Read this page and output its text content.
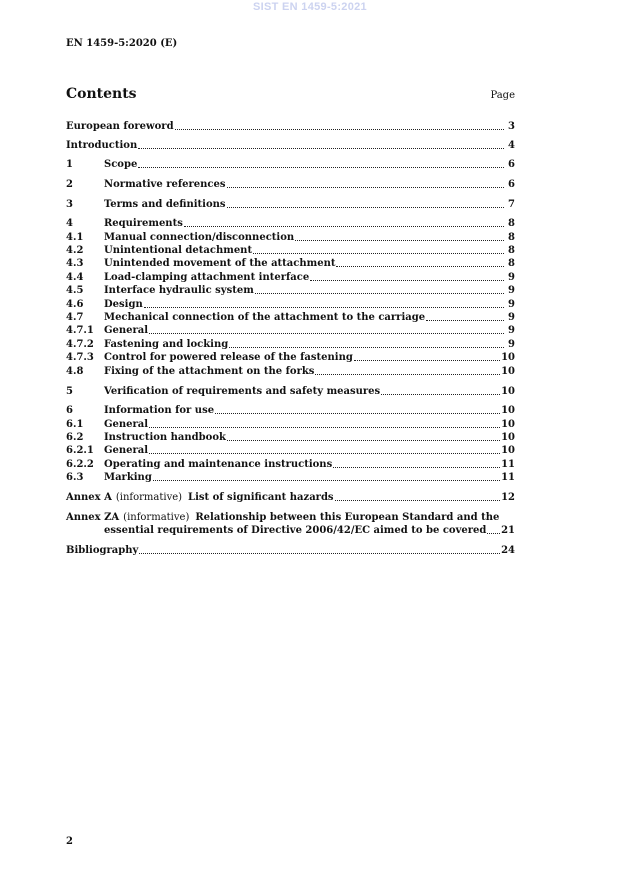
SIST EN 1459-5:2021
EN 1459-5:2020 (E)
Contents	Page
European foreword	3
Introduction	4
1	Scope	6
2	Normative references	6
3	Terms and definitions	7
4	Requirements	8
4.1	Manual connection/disconnection	8
4.2	Unintentional detachment	8
4.3	Unintended movement of the attachment	8
4.4	Load-clamping attachment interface	9
4.5	Interface hydraulic system	9
4.6	Design	9
4.7	Mechanical connection of the attachment to the carriage	9
4.7.1	General	9
4.7.2	Fastening and locking	9
4.7.3	Control for powered release of the fastening	10
4.8	Fixing of the attachment on the forks	10
5	Verification of requirements and safety measures	10
6	Information for use	10
6.1	General	10
6.2	Instruction handbook	10
6.2.1	General	10
6.2.2	Operating and maintenance instructions	11
6.3	Marking	11
Annex A (informative) List of significant hazards	12
Annex ZA (informative) Relationship between this European Standard and the
essential requirements of Directive 2006/42/EC aimed to be covered 21
Bibliography	24
2
